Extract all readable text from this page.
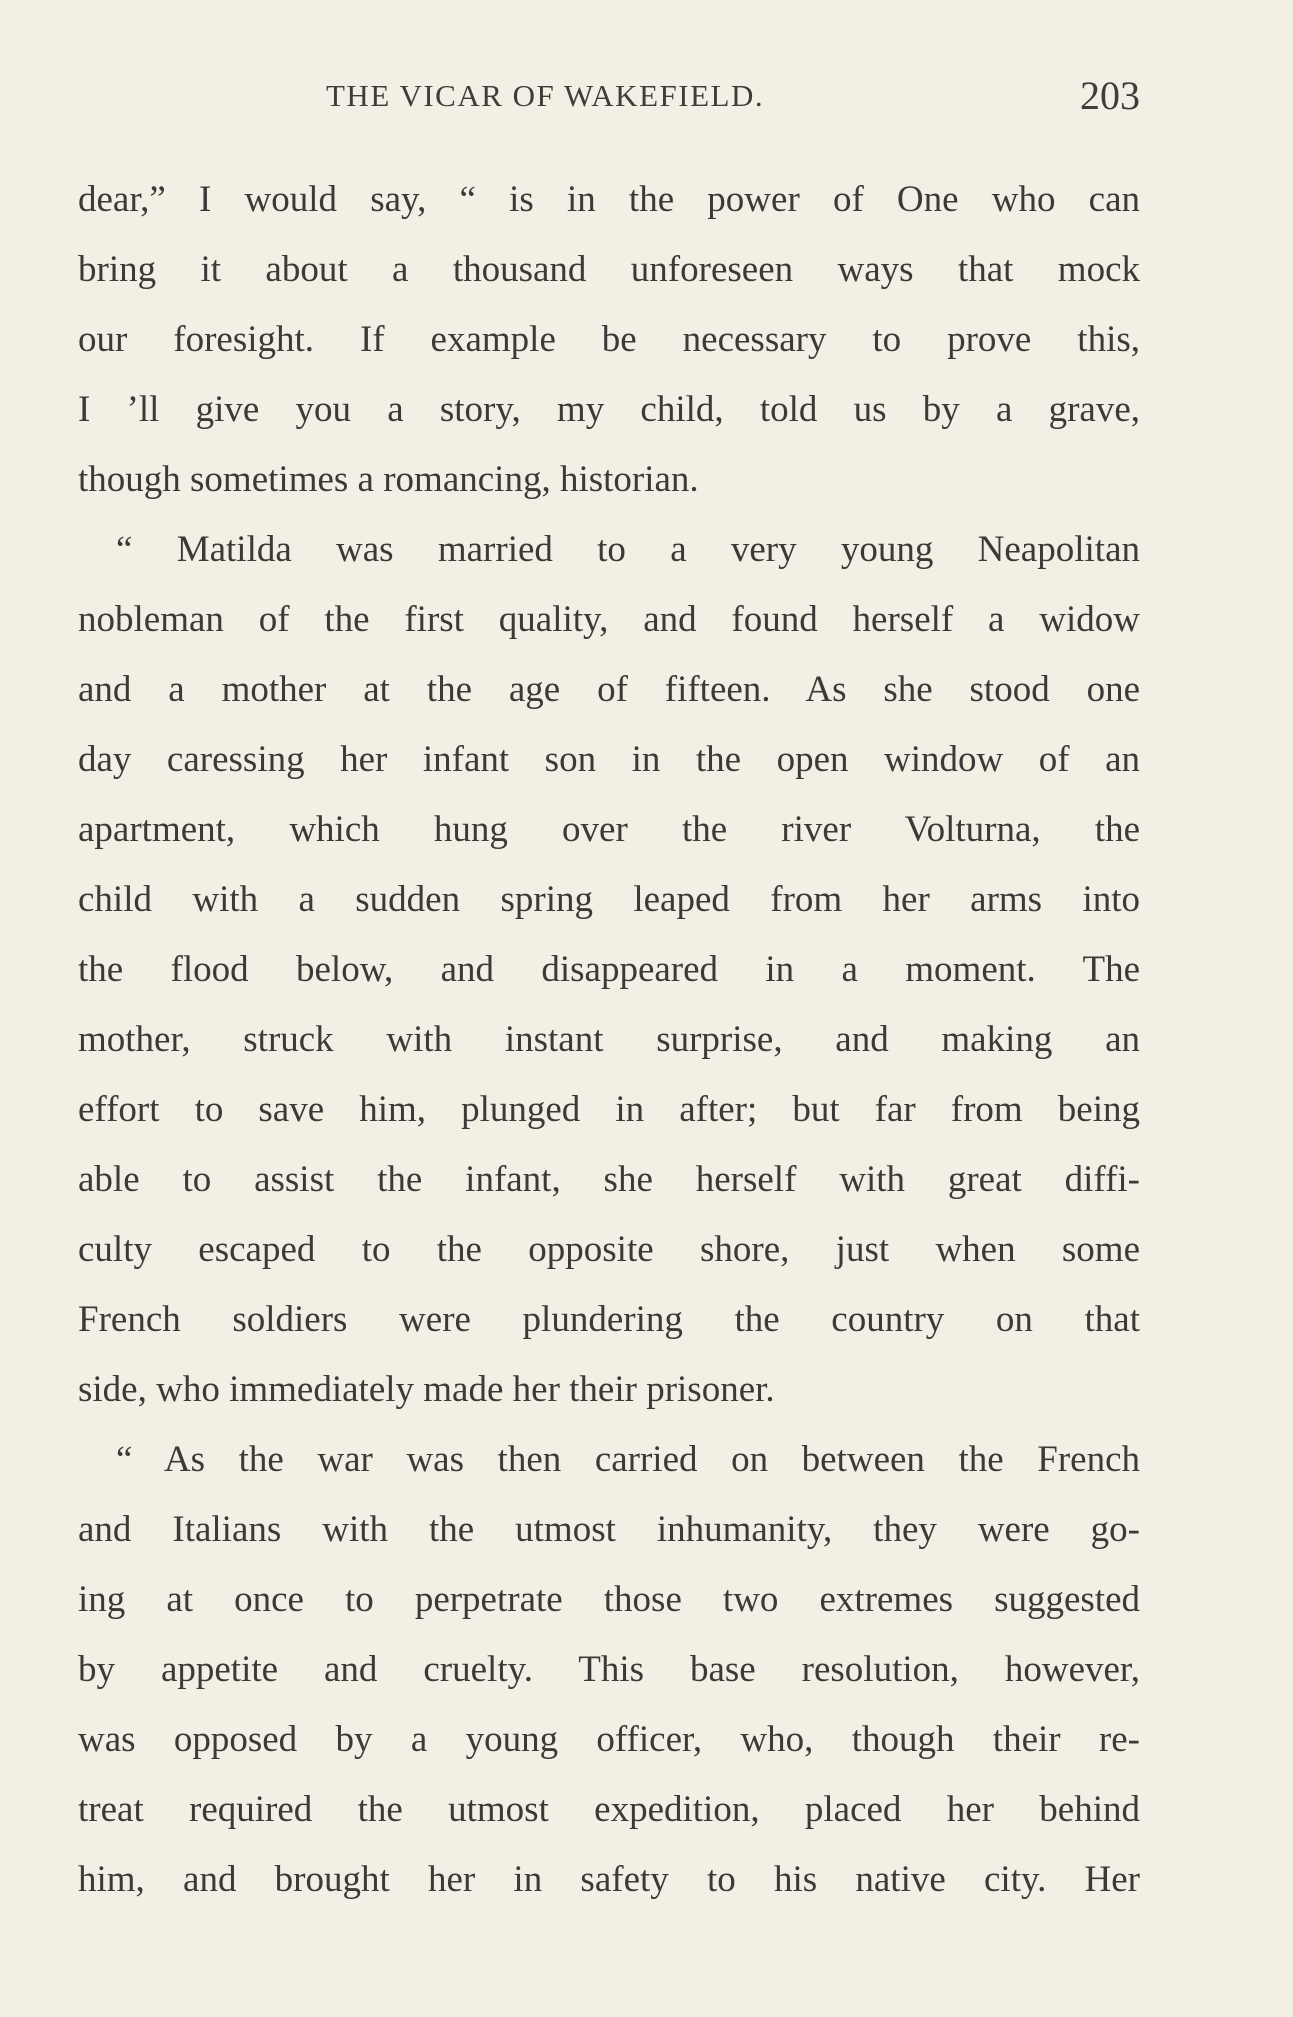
THE VICAR OF WAKEFIELD.	203
dear,” I would say, “ is in the power of One who can
bring it about a thousand unforeseen ways that mock
our foresight. If example be necessary to prove this,
I ’ll give you a story, my child, told us by a grave,
though sometimes a romancing, historian.
“ Matilda was married to a very young Neapolitan
nobleman of the first quality, and found herself a widow
and a mother at the age of fifteen. As she stood one
day caressing her infant son in the open window of an
apartment, which hung over the river Volturna, the
child with a sudden spring leaped from her arms into
the flood below, and disappeared in a moment. The
mother, struck with instant surprise, and making an
effort to save him, plunged in after; but far from being
able to assist the infant, she herself with great diffi-
culty escaped to the opposite shore, just when some
French soldiers were plundering the country on that
side, who immediately made her their prisoner.
“ As the war was then carried on between the French
and Italians with the utmost inhumanity, they were go-
ing at once to perpetrate those two extremes suggested
by appetite and cruelty. This base resolution, however,
was opposed by a young officer, who, though their re-
treat required the utmost expedition, placed her behind
him, and brought her in safety to his native city. Her
